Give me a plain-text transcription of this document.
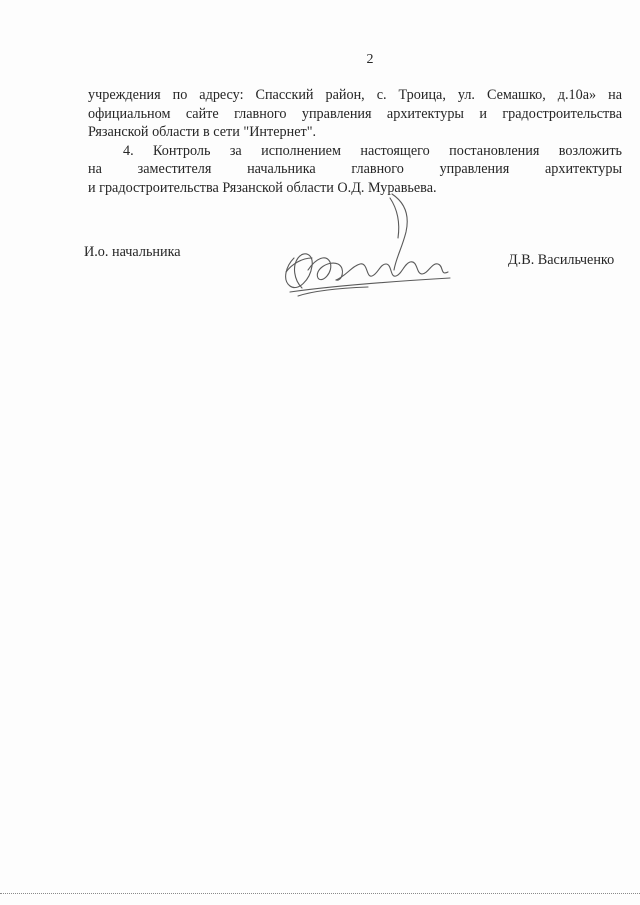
2
учреждения по адресу: Спасский район, с. Троица, ул. Семашко, д.10а» на
официальном сайте главного управления архитектуры и градостроительства
Рязанской области в сети "Интернет".
4. Контроль за исполнением настоящего постановления возложить
на заместителя начальника главного управления архитектуры
и градостроительства Рязанской области О.Д. Муравьева.
И.о. начальника	Д.В. Васильченко
